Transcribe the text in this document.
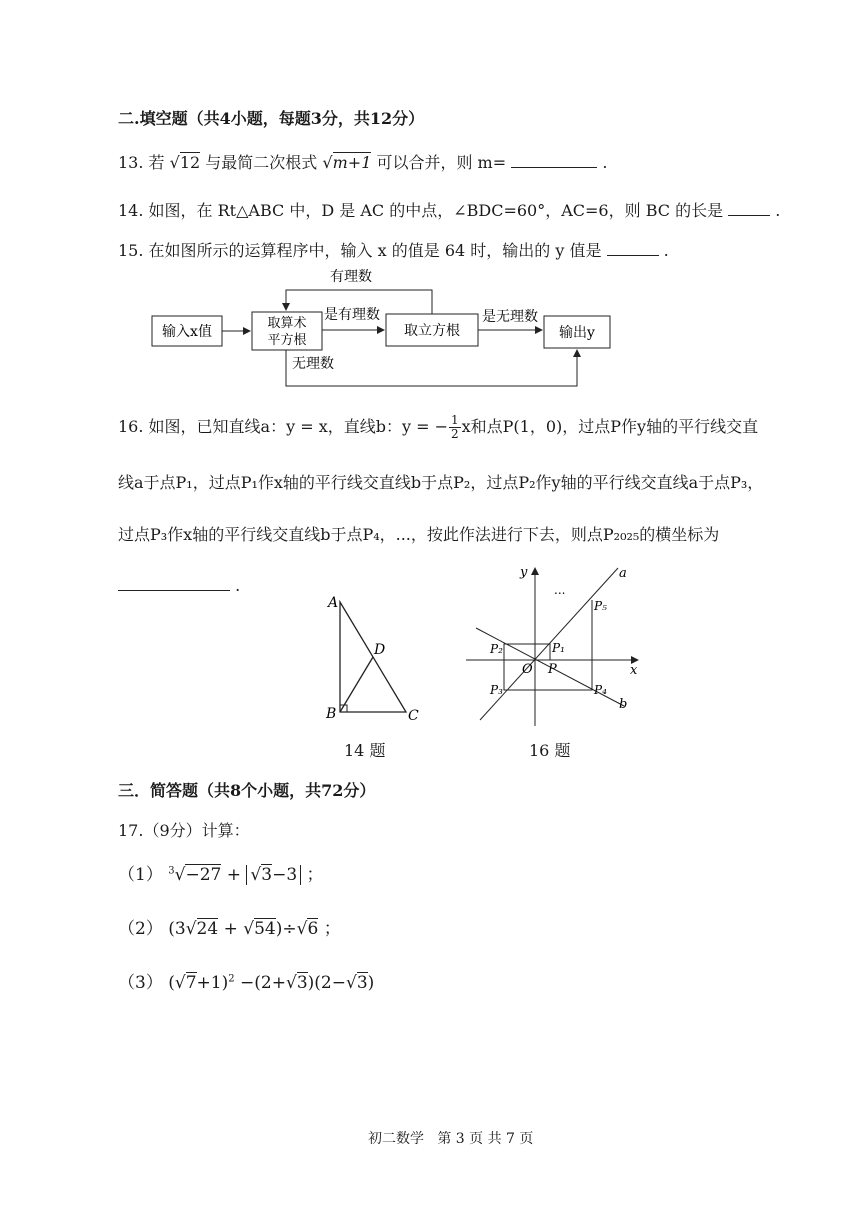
二.填空题（共4小题，每题3分，共12分）
13. 若 √12 与最简二次根式 √m+1 可以合并，则 m=	.
14. 如图，在 Rt△ABC 中，D 是 AC 的中点，∠BDC=60°，AC=6，则 BC 的长是	.
15. 在如图所示的运算程序中，输入 x 的值是 64 时，输出的 y 值是	.
输入x值
取算术
平方根
取立方根	输出y
有理数
是有理数	是无理数
无理数
16. 如图，已知直线a：y = x，直线b：y = − $\frac{1}{2}$ x和点P(1，0)，过点P作y轴的平行线交直
线a于点P₁，过点P₁作x轴的平行线交直线b于点P₂，过点P₂作y轴的平行线交直线a于点P₃，
过点P₃作x轴的平行线交直线b于点P₄，...，按此作法进行下去，则点P₂₀₂₅的横坐标为
.
A
B	C
D
14 题
y
x
a
b
O P
P₁
P₂
P₃	P₄
P₅
...
16 题
三．简答题（共8个小题，共72分）
17.（9分）计算：
（1） $^3$√−27 + √3−3 ；
（2） (3√24 + √54)÷√6 ；
（3） $(√7+1)^2 -(2+√3)(2-√3)$
初二数学   第 3 页 共 7 页
